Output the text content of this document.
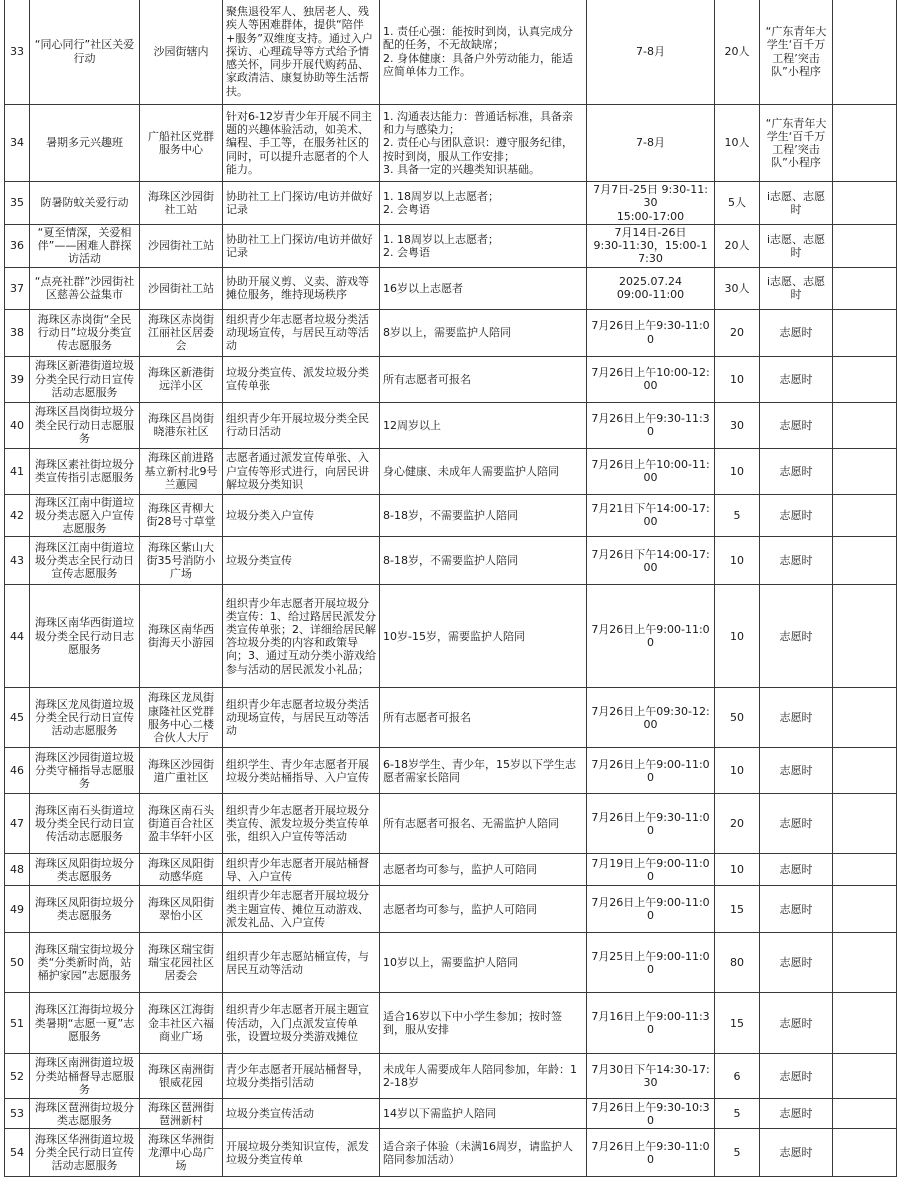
33	“同心同行”社区关爱行动	沙园街辖内	聚焦退役军人、独居老人、残疾人等困难群体，提供“陪伴+服务”双维度支持。通过入户探访、心理疏导等方式给予情感关怀，同步开展代购药品、家政清洁、康复协助等生活帮扶。	1. 责任心强：能按时到岗，认真完成分配的任务，不无故缺席；
2. 身体健康：具备户外劳动能力，能适应简单体力工作。	7-8月	20人	“广东青年大学生‘百千万工程’突击队”小程序	
34	暑期多元兴趣班	广船社区党群服务中心	针对6-12岁青少年开展不同主题的兴趣体验活动，如美术、编程、手工等，在服务社区的同时，可以提升志愿者的个人能力。	1. 沟通表达能力：普通话标准，具备亲和力与感染力；
2. 责任心与团队意识：遵守服务纪律，按时到岗，服从工作安排；
3. 具备一定的兴趣类知识基础。	7-8月	10人	“广东青年大学生‘百千万工程’突击队”小程序	
35	防暑防蚊关爱行动	海珠区沙园街社工站	协助社工上门探访/电访并做好记录	1. 18周岁以上志愿者；
2. 会粤语	7月7日-25日 9:30-11:30
15:00-17:00	5人	i志愿、志愿时	
36	“夏至情深，关爱相伴”——困难人群探访活动	沙园街社工站	协助社工上门探访/电访并做好记录	1. 18周岁以上志愿者；
2. 会粤语	7月14日-26日
9:30-11:30，15:00-17:30	20人	i志愿、志愿时	
37	“点亮社群”沙园街社区慈善公益集市	沙园街社工站	协助开展义剪、义卖、游戏等摊位服务，维持现场秩序	16岁以上志愿者	2025.07.24
09:00-11:00	30人	i志愿、志愿时	
38	海珠区赤岗街“全民行动日”垃圾分类宣传志愿服务	海珠区赤岗街江丽社区居委会	组织青少年志愿者垃圾分类活动现场宣传，与居民互动等活动	8岁以上，需要监护人陪同	7月26日上午9:30-11:00	20	志愿时	
39	海珠区新港街道垃圾分类全民行动日宣传活动志愿服务	海珠区新港街远洋小区	垃圾分类宣传、派发垃圾分类宣传单张	所有志愿者可报名	7月26日上午10:00-12:00	10	志愿时	
40	海珠区昌岗街垃圾分类全民行动日志愿服务	海珠区昌岗街晓港东社区	组织青少年开展垃圾分类全民行动日活动	12周岁以上	7月26日上午9:30-11:30	30	志愿时	
41	海珠区素社街垃圾分类宣传指引志愿服务	海珠区前进路基立新村北9号兰蕙园	志愿者通过派发宣传单张、入户宣传等形式进行，向居民讲解垃圾分类知识	身心健康、未成年人需要监护人陪同	7月26日上午10:00-11:00	10	志愿时	
42	海珠区江南中街道垃圾分类志愿入户宣传志愿服务	海珠区青柳大街28号寸草堂	垃圾分类入户宣传	8-18岁，不需要监护人陪同	7月21日下午14:00-17:00	5	志愿时	
43	海珠区江南中街道垃圾分类志全民行动日宣传志愿服务	海珠区紫山大街35号消防小广场	垃圾分类宣传	8-18岁，不需要监护人陪同	7月26日下午14:00-17:00	10	志愿时	
44	海珠区南华西街道垃圾分类全民行动日志愿服务	海珠区南华西街海天小游园	组织青少年志愿者开展垃圾分类宣传：1、给过路居民派发分类宣传单张；2、详细给居民解答垃圾分类的内容和政策导向；3、通过互动分类小游戏给参与活动的居民派发小礼品；	10岁-15岁，需要监护人陪同	7月26日上午9:00-11:00	10	志愿时	
45	海珠区龙凤街道垃圾分类全民行动日宣传活动志愿服务	海珠区龙凤街康隆社区党群服务中心二楼合伙人大厅	组织青少年志愿者垃圾分类活动现场宣传，与居民互动等活动	所有志愿者可报名	7月26日上午09:30-12:00	50	志愿时	
46	海珠区沙园街道垃圾分类守桶指导志愿服务	海珠区沙园街道广重社区	组织学生、青少年志愿者开展垃圾分类站桶指导、入户宣传	6-18岁学生、青少年，15岁以下学生志愿者需家长陪同	7月26日上午9:00-11:00	10	志愿时	
47	海珠区南石头街道垃圾分类全民行动日宣传活动志愿服务	海珠区南石头街道百合社区盈丰华轩小区	组织青少年志愿者开展垃圾分类宣传、派发垃圾分类宣传单张，组织入户宣传等活动	所有志愿者可报名、无需监护人陪同	7月26日上午9:30-11:00	20	志愿时	
48	海珠区凤阳街垃圾分类志愿服务	海珠区凤阳街动感华庭	组织青少年志愿者开展站桶督导、入户宣传	志愿者均可参与，监护人可陪同	7月19日上午9:00-11:00	10	志愿时	
49	海珠区凤阳街垃圾分类志愿服务	海珠区凤阳街翠怡小区	组织青少年志愿者开展垃圾分类主题宣传、摊位互动游戏、派发礼品、入户宣传	志愿者均可参与，监护人可陪同	7月26日上午9:00-11:00	15	志愿时	
50	海珠区瑞宝街垃圾分类“分类新时尚，站桶护家园”志愿服务	海珠区瑞宝街瑞宝花园社区居委会	组织青少年志愿站桶宣传，与居民互动等活动	10岁以上，需要监护人陪同	7月25日上午9:00-11:00	80	志愿时	
51	海珠区江海街垃圾分类暑期“志愿一夏”志愿服务	海珠区江海街金丰社区六福商业广场	组织青少年志愿者开展主题宣传活动，入门点派发宣传单张，设置垃圾分类游戏摊位	适合16岁以下中小学生参加；按时签到，服从安排	7月16日上午9:00-11:30	15	志愿时	
52	海珠区南洲街道垃圾分类站桶督导志愿服务	海珠区南洲街银威花园	青少年志愿者开展站桶督导，垃圾分类指引活动	未成年人需要成年人陪同参加，年龄：12-18岁	7月30日下午14:30-17:30	6	志愿时	
53	海珠区琶洲街垃圾分类志愿服务	海珠区琶洲街琶洲新村	垃圾分类宣传活动	14岁以下需监护人陪同	7月26日上午9:30-10:30	5	志愿时	
54	海珠区华洲街道垃圾分类全民行动日宣传活动志愿服务	海珠区华洲街龙潭中心岛广场	开展垃圾分类知识宣传，派发垃圾分类宣传单	适合亲子体验（未满16周岁，请监护人陪同参加活动）	7月26日上午9:30-11:00	5	志愿时	
